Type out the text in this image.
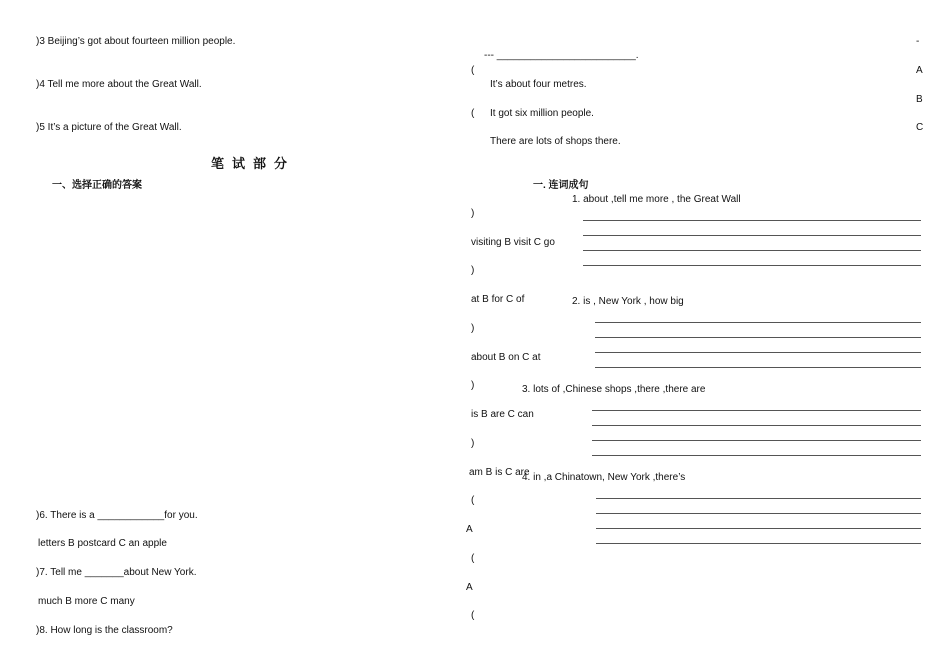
)3 Beijing’s got about fourteen million people.
)4 Tell me more about the Great Wall.
)5 It’s a picture of the Great Wall.
笔试部分
一、选择正确的答案
)6. There is a ____________for you.
letters B postcard C an apple
)7. Tell me _______about New York.
much B more C many
)8. How long is the classroom?
--- _________________________.
(
It’s about four metres.
( It got six million people.
There are lots of shops there.
)
visiting B visit C go
)
at B for C of
)
about B on C at
)
is B are C can
)
am B is C are
(
A
(
A
(
-
A
B
C
一. 连词成句
1. about ,tell me more , the Great Wall
2. is , New York , how big
3. lots of ,Chinese shops ,there ,there are
4. in ,a Chinatown, New York ,there’s
